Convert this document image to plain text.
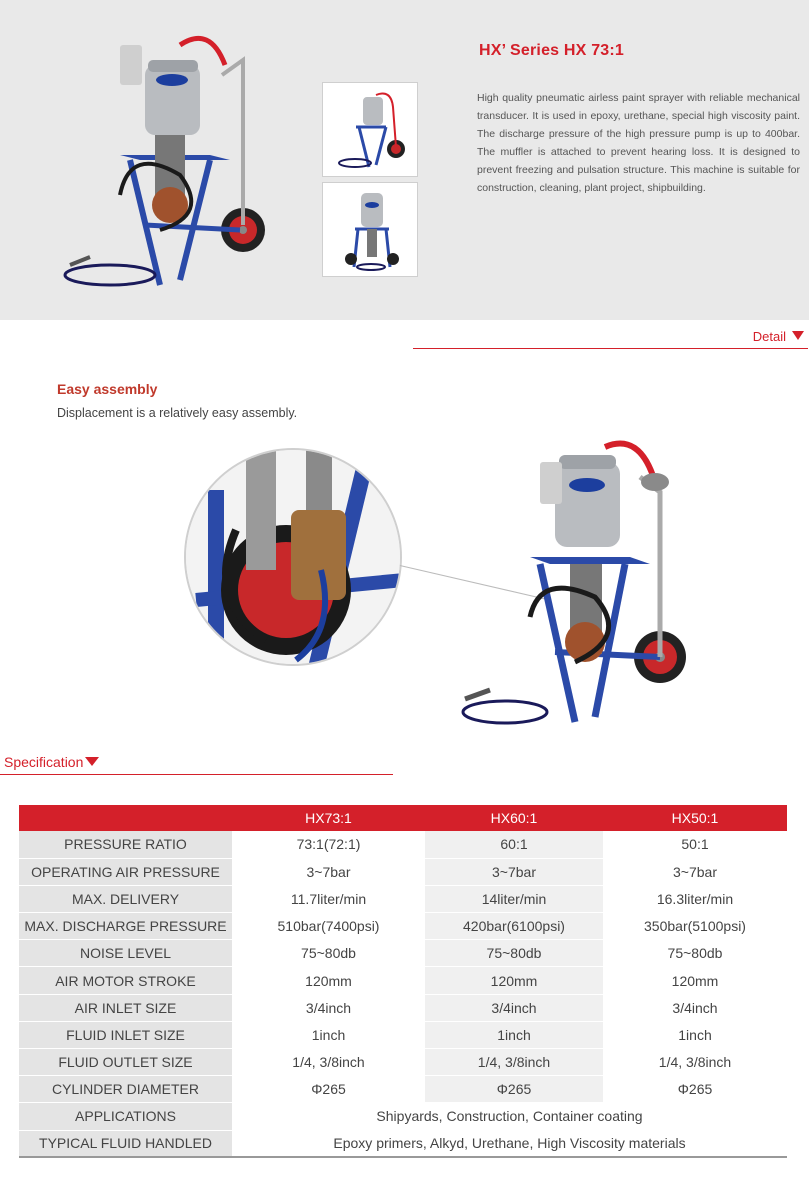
HX’ Series HX 73:1
High quality pneumatic airless paint sprayer with reliable mechanical transducer. It is used in epoxy, urethane, special high viscosity paint. The discharge pressure of the high pressure pump is up to 400bar. The muffler is attached to prevent hearing loss. It is designed to prevent freezing and pulsation structure. This machine is suitable for construction, cleaning, plant project, shipbuilding.
Detail
Easy assembly
Displacement is a relatively easy assembly.
Specification
	HX73:1	HX60:1	HX50:1
PRESSURE RATIO	73:1(72:1)	60:1	50:1
OPERATING AIR PRESSURE	3~7bar	3~7bar	3~7bar
MAX. DELIVERY	11.7liter/min	14liter/min	16.3liter/min
MAX. DISCHARGE PRESSURE	510bar(7400psi)	420bar(6100psi)	350bar(5100psi)
NOISE LEVEL	75~80db	75~80db	75~80db
AIR MOTOR STROKE	120mm	120mm	120mm
AIR INLET SIZE	3/4inch	3/4inch	3/4inch
FLUID INLET SIZE	1inch	1inch	1inch
FLUID OUTLET SIZE	1/4, 3/8inch	1/4, 3/8inch	1/4, 3/8inch
CYLINDER DIAMETER	Φ265	Φ265	Φ265
APPLICATIONS	Shipyards, Construction, Container coating		
TYPICAL FLUID HANDLED	Epoxy primers, Alkyd, Urethane, High Viscosity materials		
